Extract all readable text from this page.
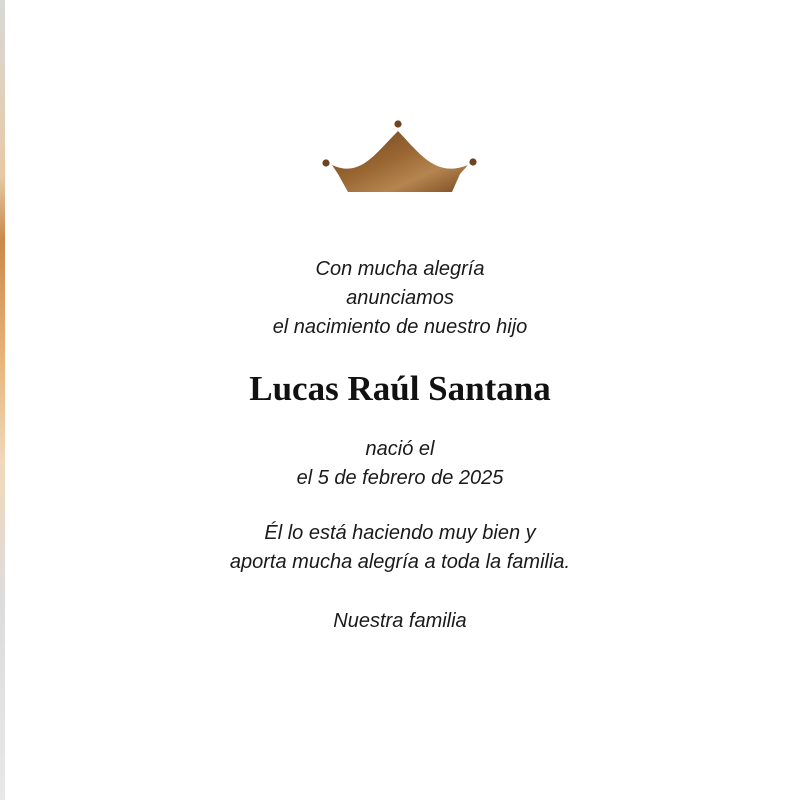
Con mucha alegría
anunciamos
el nacimiento de nuestro hijo
Lucas Raúl Santana
nació el
el 5 de febrero de 2025
Él lo está haciendo muy bien y
aporta mucha alegría a toda la familia.
Nuestra familia
